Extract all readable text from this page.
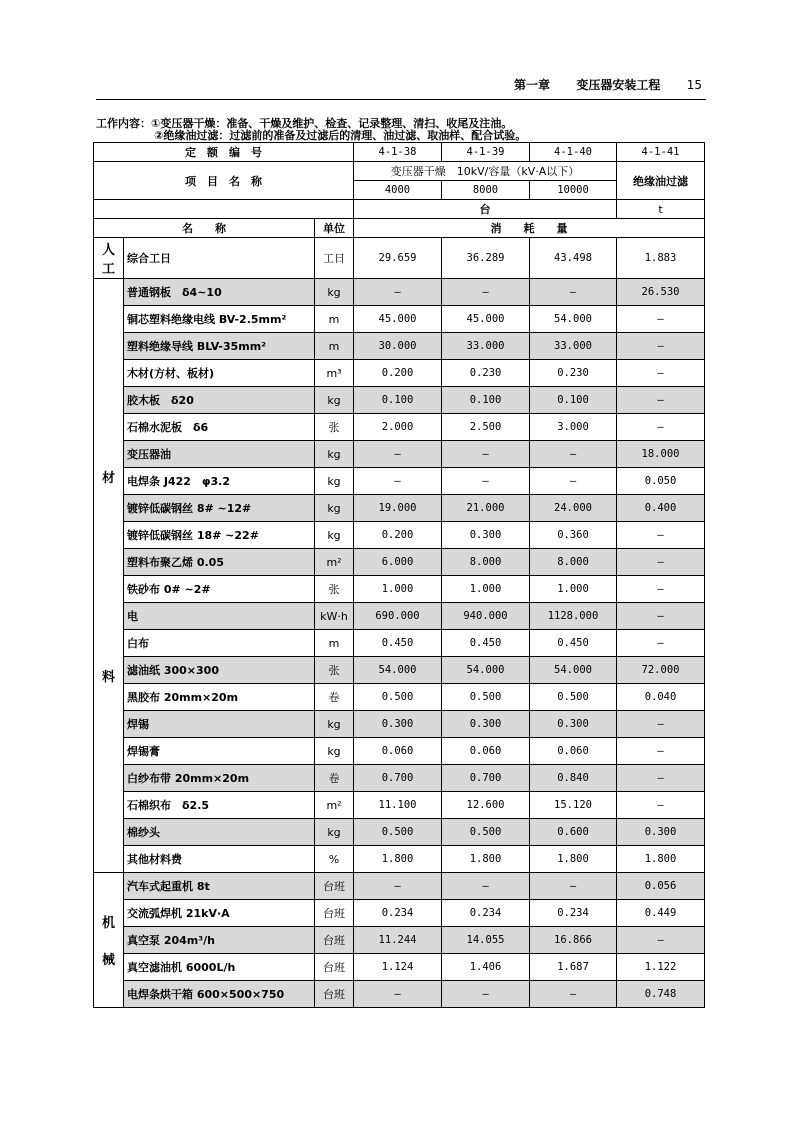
第一章 变压器安装工程 15
工作内容：①变压器干燥：准备、干燥及维护、检查、记录整理、清扫、收尾及注油。
②绝缘油过滤：过滤前的准备及过滤后的清理、油过滤、取油样、配合试验。
定　额　编　号			4-1-38	4-1-39	4-1-40	4-1-41
项　目　名　称			变压器干燥　10kV/容量（kV·A以下）			绝缘油过滤
			4000	8000	10000	
			台			t
名　　称		单位	消　　耗　　量			

人
工	综合工日	工日	29.659	36.289	43.498	1.883

材
料	普通钢板　δ4~10	kg	—	—	—	26.530
	铜芯塑料绝缘电线 BV-2.5mm²	m	45.000	45.000	54.000	—
	塑料绝缘导线 BLV-35mm²	m	30.000	33.000	33.000	—
	木材(方材、板材)	m³	0.200	0.230	0.230	—
	胶木板　δ20	kg	0.100	0.100	0.100	—
	石棉水泥板　δ6	张	2.000	2.500	3.000	—
	变压器油	kg	—	—	—	18.000
	电焊条 J422　φ3.2	kg	—	—	—	0.050
	镀锌低碳钢丝 8# ~12#	kg	19.000	21.000	24.000	0.400
	镀锌低碳钢丝 18# ~22#	kg	0.200	0.300	0.360	—
	塑料布聚乙烯 0.05	m²	6.000	8.000	8.000	—
	铁砂布 0# ~2#	张	1.000	1.000	1.000	—
	电	kW·h	690.000	940.000	1128.000	—
	白布	m	0.450	0.450	0.450	—
	滤油纸 300×300	张	54.000	54.000	54.000	72.000
	黑胶布 20mm×20m	卷	0.500	0.500	0.500	0.040
	焊锡	kg	0.300	0.300	0.300	—
	焊锡膏	kg	0.060	0.060	0.060	—
	白纱布带 20mm×20m	卷	0.700	0.700	0.840	—
	石棉织布　δ2.5	m²	11.100	12.600	15.120	—
	棉纱头	kg	0.500	0.500	0.600	0.300
	其他材料费	%	1.800	1.800	1.800	1.800

机
械	汽车式起重机 8t	台班	—	—	—	0.056
	交流弧焊机 21kV·A	台班	0.234	0.234	0.234	0.449
	真空泵 204m³/h	台班	11.244	14.055	16.866	—
	真空滤油机 6000L/h	台班	1.124	1.406	1.687	1.122
	电焊条烘干箱 600×500×750	台班	—	—	—	0.748
